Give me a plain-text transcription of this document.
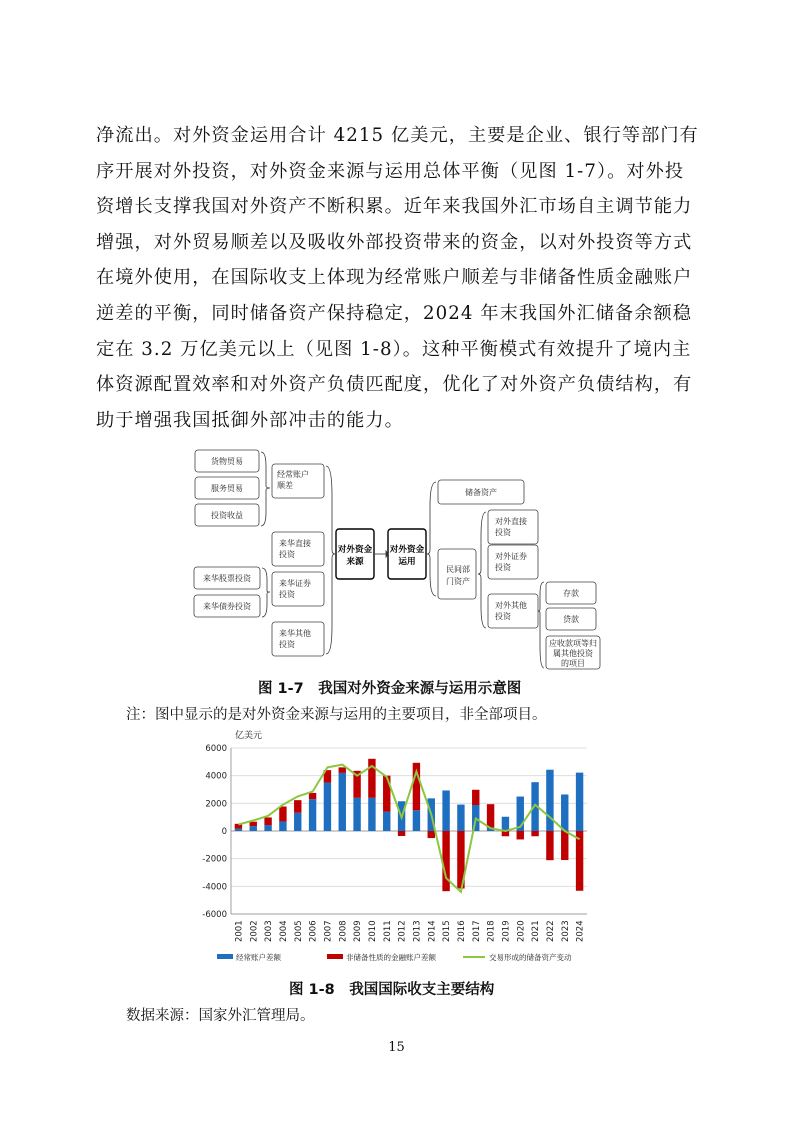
净流出。对外资金运用合计 4215 亿美元，主要是企业、银行等部门有
序开展对外投资，对外资金来源与运用总体平衡（见图 1-7）。对外投
资增长支撑我国对外资产不断积累。近年来我国外汇市场自主调节能力
增强，对外贸易顺差以及吸收外部投资带来的资金，以对外投资等方式
在境外使用，在国际收支上体现为经常账户顺差与非储备性质金融账户
逆差的平衡，同时储备资产保持稳定，2024 年末我国外汇储备余额稳
定在 3.2 万亿美元以上（见图 1-8）。这种平衡模式有效提升了境内主
体资源配置效率和对外资产负债匹配度，优化了对外资产负债结构，有
助于增强我国抵御外部冲击的能力。
货物贸易
服务贸易
投资收益
经常账户
顺差
来华直接
投资
来华证券
投资
来华股票投资
来华债券投资
来华其他
投资
对外资金
来源
对外资金
运用
储备资产
民间部
门资产
对外直接
投资
对外证券
投资
对外其他
投资
存款
贷款
应收款项等归
属其他投资
的项目
图 1-7　我国对外资金来源与运用示意图
注：图中显示的是对外资金来源与运用的主要项目，非全部项目。
亿美元
6000
4000
2000
0
-2000
-4000
-6000
2001 2002 2003 2004 2005 2006 2007 2008 2009 2010 2011 2012 2013 2014 2015 2016 2017 2018 2019 2020 2021 2022 2023 2024
经常账户差额	非储备性质的金融账户差额	交易形成的储备资产变动
图 1-8　我国国际收支主要结构
数据来源：国家外汇管理局。
15
